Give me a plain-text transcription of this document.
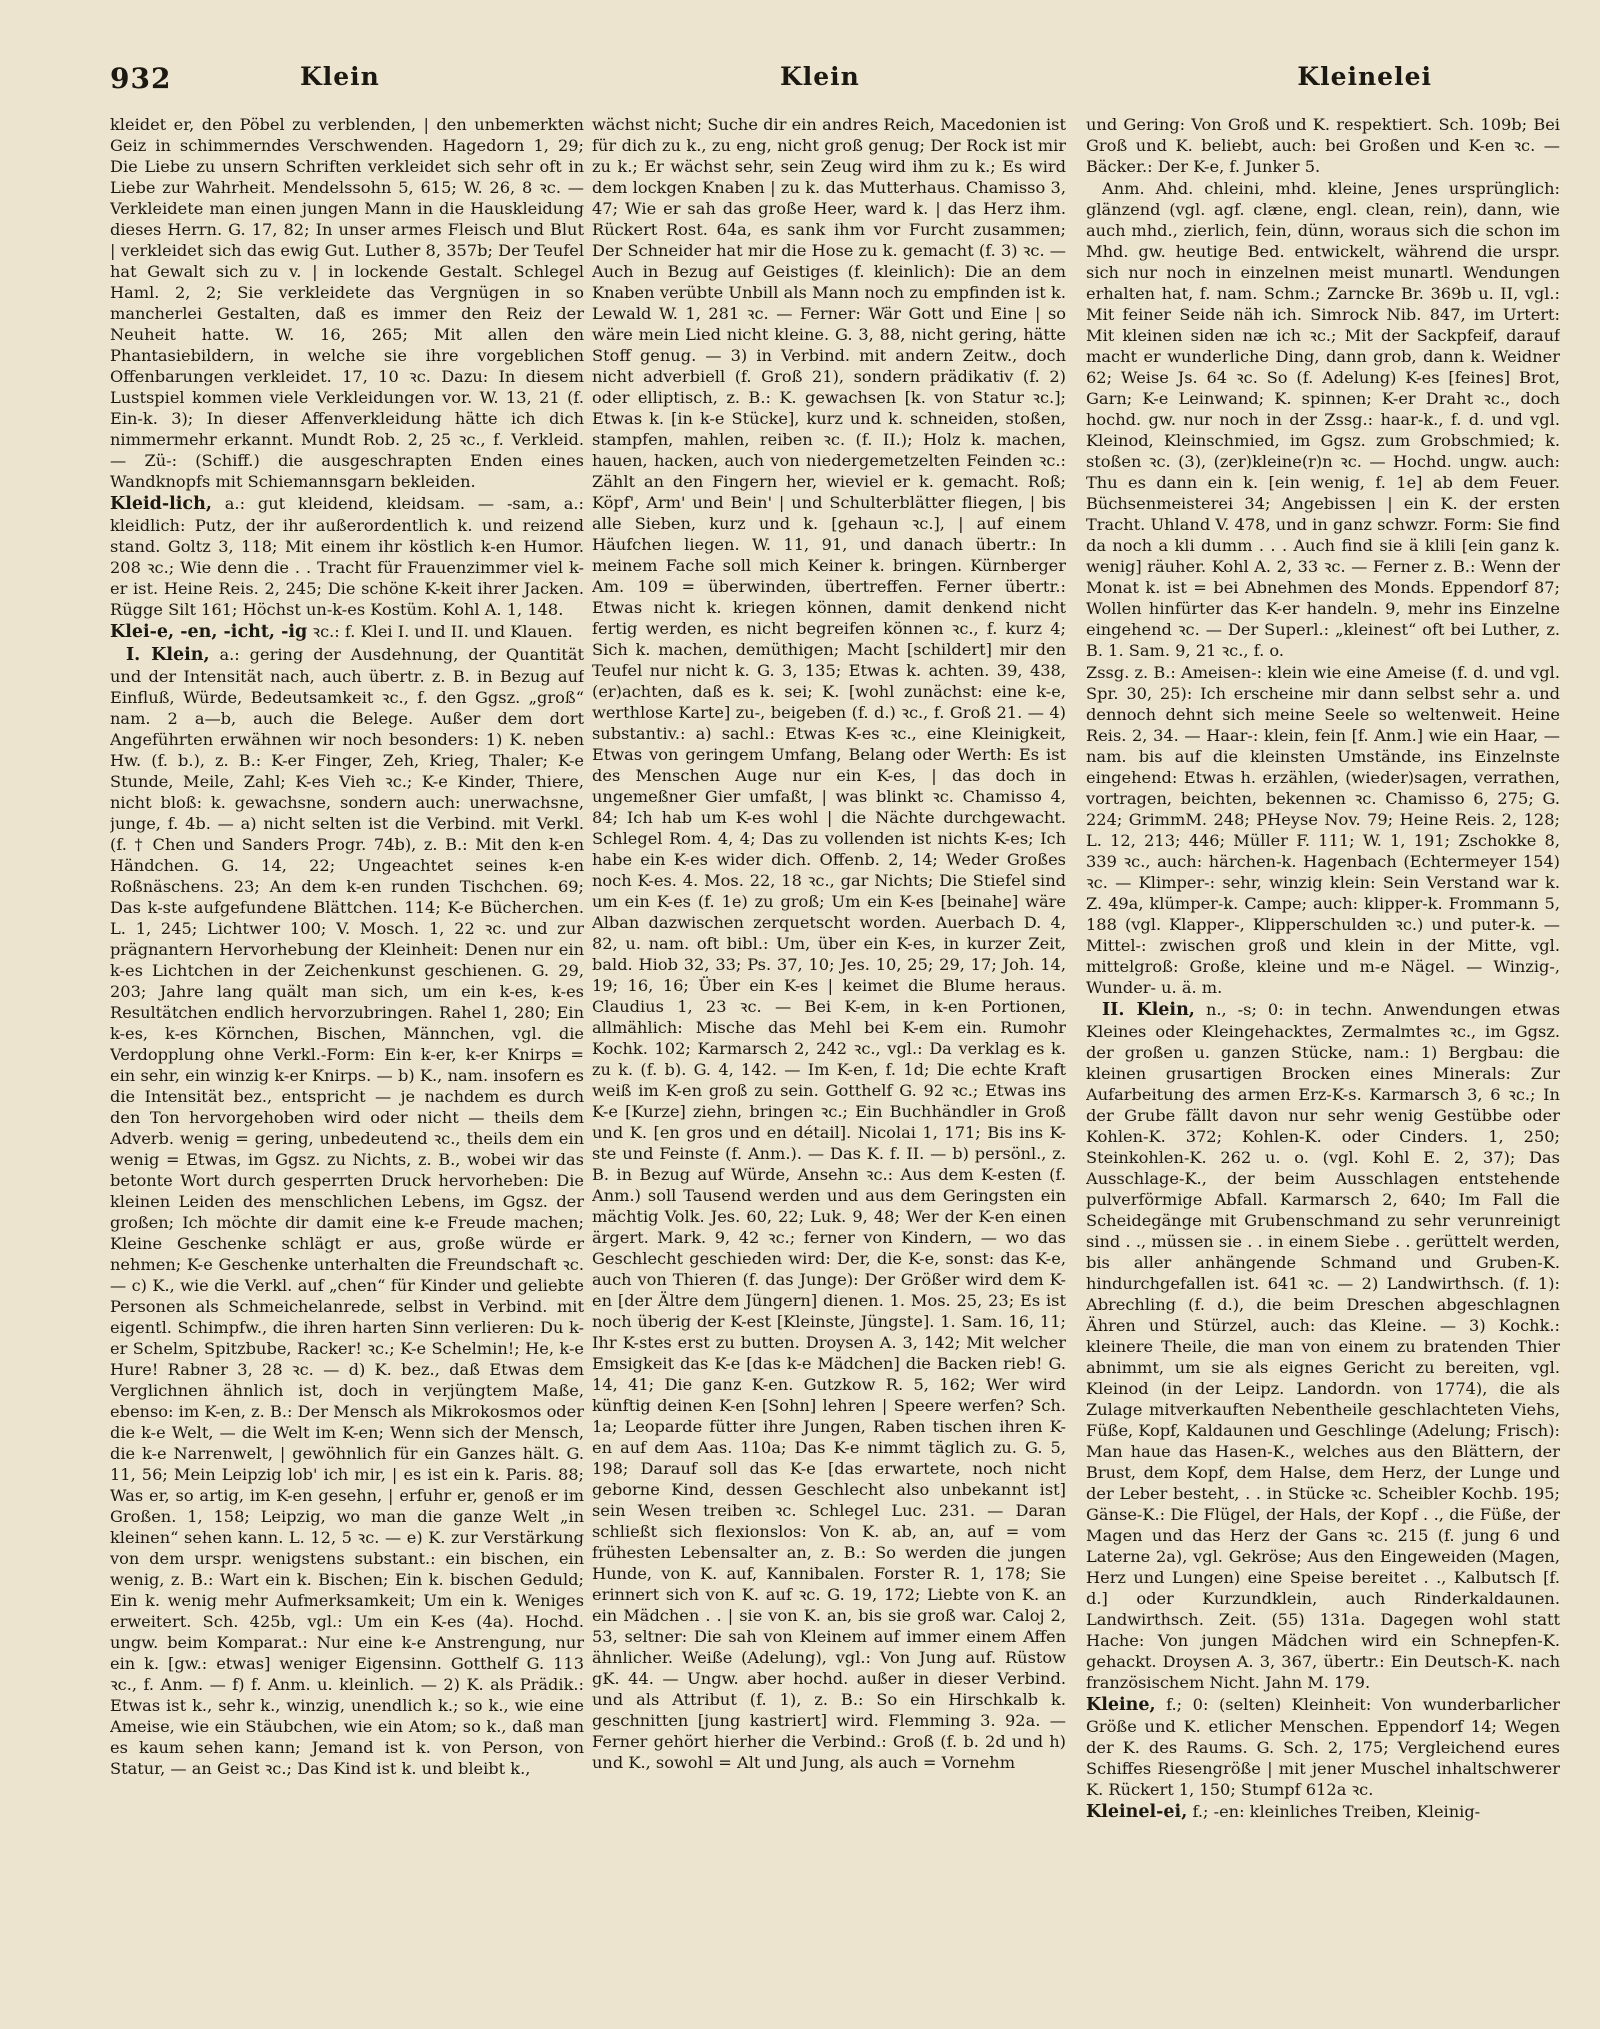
932	Klein	Klein	Kleinelei

kleidet er, den Pöbel zu verblenden, | den unbemerkten Geiz in schimmerndes Verschwenden. Hagedorn 1, 29; Die Liebe zu unsern Schriften verkleidet sich sehr oft in Liebe zur Wahrheit. Mendelssohn 5, 615; W. 26, 8 ꝛc. — Verkleidete man einen jungen Mann in die Hauskleidung dieses Herrn. G. 17, 82; In unser armes Fleisch und Blut | verkleidet sich das ewig Gut. Luther 8, 357b; Der Teufel hat Gewalt sich zu v. | in lockende Gestalt. Schlegel Haml. 2, 2; Sie verkleidete das Vergnügen in so mancherlei Gestalten, daß es immer den Reiz der Neuheit hatte. W. 16, 265; Mit allen den Phantasiebildern, in welche sie ihre vorgeblichen Offenbarungen verkleidet. 17, 10 ꝛc. Dazu: In diesem Lustspiel kommen viele Verkleidungen vor. W. 13, 21 (f. Ein-k. 3); In dieser Affenverkleidung hätte ich dich nimmermehr erkannt. Mundt Rob. 2, 25 ꝛc., f. Verkleid. — Zü-: (Schiff.) die ausgeschrapten Enden eines Wandknopfs mit Schiemannsgarn bekleiden.

Kleid-lich, a.: gut kleidend, kleidsam. — -sam, a.: kleidlich: Putz, der ihr außerordentlich k. und reizend stand. Goltz 3, 118; Mit einem ihr köstlich k-en Humor. 208 ꝛc.; Wie denn die . . Tracht für Frauenzimmer viel k-er ist. Heine Reis. 2, 245; Die schöne K-keit ihrer Jacken. Rügge Silt 161; Höchst un-k-es Kostüm. Kohl A. 1, 148.

Klei-e, -en, -icht, -ig ꝛc.: f. Klei I. und II. und Klauen.

I. Klein, a.: gering der Ausdehnung, der Quantität und der Intensität nach, auch übertr. z. B. in Bezug auf Einfluß, Würde, Bedeutsamkeit ꝛc., f. den Ggsz. „groß“ nam. 2 a—b, auch die Belege. Außer dem dort Angeführten erwähnen wir noch besonders: 1) K. neben Hw. (f. b.), z. B.: K-er Finger, Zeh, Krieg, Thaler; K-e Stunde, Meile, Zahl; K-es Vieh ꝛc.; K-e Kinder, Thiere, nicht bloß: k. gewachsne, sondern auch: unerwachsne, junge, f. 4b. — a) nicht selten ist die Verbind. mit Verkl. (f. † Chen und Sanders Progr. 74b), z. B.: Mit den k-en Händchen. G. 14, 22; Ungeachtet seines k-en Roßnäschens. 23; An dem k-en runden Tischchen. 69; Das k-ste aufgefundene Blättchen. 114; K-e Bücherchen. L. 1, 245; Lichtwer 100; V. Mosch. 1, 22 ꝛc. und zur prägnantern Hervorhebung der Kleinheit: Denen nur ein k-es Lichtchen in der Zeichenkunst geschienen. G. 29, 203; Jahre lang quält man sich, um ein k-es, k-es Resultätchen endlich hervorzubringen. Rahel 1, 280; Ein k-es, k-es Körnchen, Bischen, Männchen, vgl. die Verdopplung ohne Verkl.-Form: Ein k-er, k-er Knirps = ein sehr, ein winzig k-er Knirps. — b) K., nam. insofern es die Intensität bez., entspricht — je nachdem es durch den Ton hervorgehoben wird oder nicht — theils dem Adverb. wenig = gering, unbedeutend ꝛc., theils dem ein wenig = Etwas, im Ggsz. zu Nichts, z. B., wobei wir das betonte Wort durch gesperrten Druck hervorheben: Die kleinen Leiden des menschlichen Lebens, im Ggsz. der großen; Ich möchte dir damit eine k-e Freude machen; Kleine Geschenke schlägt er aus, große würde er nehmen; K-e Geschenke unterhalten die Freundschaft ꝛc. — c) K., wie die Verkl. auf „chen“ für Kinder und geliebte Personen als Schmeichelanrede, selbst in Verbind. mit eigentl. Schimpfw., die ihren harten Sinn verlieren: Du k-er Schelm, Spitzbube, Racker! ꝛc.; K-e Schelmin!; He, k-e Hure! Rabner 3, 28 ꝛc. — d) K. bez., daß Etwas dem Verglichnen ähnlich ist, doch in verjüngtem Maße, ebenso: im K-en, z. B.: Der Mensch als Mikrokosmos oder die k-e Welt, — die Welt im K-en; Wenn sich der Mensch, die k-e Narrenwelt, | gewöhnlich für ein Ganzes hält. G. 11, 56; Mein Leipzig lob' ich mir, | es ist ein k. Paris. 88; Was er, so artig, im K-en gesehn, | erfuhr er, genoß er im Großen. 1, 158; Leipzig, wo man die ganze Welt „in kleinen“ sehen kann. L. 12, 5 ꝛc. — e) K. zur Verstärkung von dem urspr. wenigstens substant.: ein bischen, ein wenig, z. B.: Wart ein k. Bischen; Ein k. bischen Geduld; Ein k. wenig mehr Aufmerksamkeit; Um ein k. Weniges erweitert. Sch. 425b, vgl.: Um ein K-es (4a). Hochd. ungw. beim Komparat.: Nur eine k-e Anstrengung, nur ein k. [gw.: etwas] weniger Eigensinn. Gotthelf G. 113 ꝛc., f. Anm. — f) f. Anm. u. kleinlich. — 2) K. als Prädik.: Etwas ist k., sehr k., winzig, unendlich k.; so k., wie eine Ameise, wie ein Stäubchen, wie ein Atom; so k., daß man es kaum sehen kann; Jemand ist k. von Person, von Statur, — an Geist ꝛc.; Das Kind ist k. und bleibt k.,

wächst nicht; Suche dir ein andres Reich, Macedonien ist für dich zu k., zu eng, nicht groß genug; Der Rock ist mir zu k.; Er wächst sehr, sein Zeug wird ihm zu k.; Es wird dem lockgen Knaben | zu k. das Mutterhaus. Chamisso 3, 47; Wie er sah das große Heer, ward k. | das Herz ihm. Rückert Rost. 64a, es sank ihm vor Furcht zusammen; Der Schneider hat mir die Hose zu k. gemacht (f. 3) ꝛc. — Auch in Bezug auf Geistiges (f. kleinlich): Die an dem Knaben verübte Unbill als Mann noch zu empfinden ist k. Lewald W. 1, 281 ꝛc. — Ferner: Wär Gott und Eine | so wäre mein Lied nicht kleine. G. 3, 88, nicht gering, hätte Stoff genug. — 3) in Verbind. mit andern Zeitw., doch nicht adverbiell (f. Groß 21), sondern prädikativ (f. 2) oder elliptisch, z. B.: K. gewachsen [k. von Statur ꝛc.]; Etwas k. [in k-e Stücke], kurz und k. schneiden, stoßen, stampfen, mahlen, reiben ꝛc. (f. II.); Holz k. machen, hauen, hacken, auch von niedergemetzelten Feinden ꝛc.: Zählt an den Fingern her, wieviel er k. gemacht. Roß; Köpf', Arm' und Bein' | und Schulterblätter fliegen, | bis alle Sieben, kurz und k. [gehaun ꝛc.], | auf einem Häufchen liegen. W. 11, 91, und danach übertr.: In meinem Fache soll mich Keiner k. bringen. Kürnberger Am. 109 = überwinden, übertreffen. Ferner übertr.: Etwas nicht k. kriegen können, damit denkend nicht fertig werden, es nicht begreifen können ꝛc., f. kurz 4; Sich k. machen, demüthigen; Macht [schildert] mir den Teufel nur nicht k. G. 3, 135; Etwas k. achten. 39, 438, (er)achten, daß es k. sei; K. [wohl zunächst: eine k-e, werthlose Karte] zu-, beigeben (f. d.) ꝛc., f. Groß 21. — 4) substantiv.: a) sachl.: Etwas K-es ꝛc., eine Kleinigkeit, Etwas von geringem Umfang, Belang oder Werth: Es ist des Menschen Auge nur ein K-es, | das doch in ungemeßner Gier umfaßt, | was blinkt ꝛc. Chamisso 4, 84; Ich hab um K-es wohl | die Nächte durchgewacht. Schlegel Rom. 4, 4; Das zu vollenden ist nichts K-es; Ich habe ein K-es wider dich. Offenb. 2, 14; Weder Großes noch K-es. 4. Mos. 22, 18 ꝛc., gar Nichts; Die Stiefel sind um ein K-es (f. 1e) zu groß; Um ein K-es [beinahe] wäre Alban dazwischen zerquetscht worden. Auerbach D. 4, 82, u. nam. oft bibl.: Um, über ein K-es, in kurzer Zeit, bald. Hiob 32, 33; Ps. 37, 10; Jes. 10, 25; 29, 17; Joh. 14, 19; 16, 16; Über ein K-es | keimet die Blume heraus. Claudius 1, 23 ꝛc. — Bei K-em, in k-en Portionen, allmählich: Mische das Mehl bei K-em ein. Rumohr Kochk. 102; Karmarsch 2, 242 ꝛc., vgl.: Da verklag es k. zu k. (f. b). G. 4, 142. — Im K-en, f. 1d; Die echte Kraft weiß im K-en groß zu sein. Gotthelf G. 92 ꝛc.; Etwas ins K-e [Kurze] ziehn, bringen ꝛc.; Ein Buchhändler in Groß und K. [en gros und en détail]. Nicolai 1, 171; Bis ins K-ste und Feinste (f. Anm.). — Das K. f. II. — b) persönl., z. B. in Bezug auf Würde, Ansehn ꝛc.: Aus dem K-esten (f. Anm.) soll Tausend werden und aus dem Geringsten ein mächtig Volk. Jes. 60, 22; Luk. 9, 48; Wer der K-en einen ärgert. Mark. 9, 42 ꝛc.; ferner von Kindern, — wo das Geschlecht geschieden wird: Der, die K-e, sonst: das K-e, auch von Thieren (f. das Junge): Der Größer wird dem K-en [der Ältre dem Jüngern] dienen. 1. Mos. 25, 23; Es ist noch überig der K-est [Kleinste, Jüngste]. 1. Sam. 16, 11; Ihr K-stes erst zu butten. Droysen A. 3, 142; Mit welcher Emsigkeit das K-e [das k-e Mädchen] die Backen rieb! G. 14, 41; Die ganz K-en. Gutzkow R. 5, 162; Wer wird künftig deinen K-en [Sohn] lehren | Speere werfen? Sch. 1a; Leoparde fütter ihre Jungen, Raben tischen ihren K-en auf dem Aas. 110a; Das K-e nimmt täglich zu. G. 5, 198; Darauf soll das K-e [das erwartete, noch nicht geborne Kind, dessen Geschlecht also unbekannt ist] sein Wesen treiben ꝛc. Schlegel Luc. 231. — Daran schließt sich flexionslos: Von K. ab, an, auf = vom frühesten Lebensalter an, z. B.: So werden die jungen Hunde, von K. auf, Kannibalen. Forster R. 1, 178; Sie erinnert sich von K. auf ꝛc. G. 19, 172; Liebte von K. an ein Mädchen . . | sie von K. an, bis sie groß war. Caloj 2, 53, seltner: Die sah von Kleinem auf immer einem Affen ähnlicher. Weiße (Adelung), vgl.: Von Jung auf. Rüstow gK. 44. — Ungw. aber hochd. außer in dieser Verbind. und als Attribut (f. 1), z. B.: So ein Hirschkalb k. geschnitten [jung kastriert] wird. Flemming 3. 92a. — Ferner gehört hierher die Verbind.: Groß (f. b. 2d und h) und K., sowohl = Alt und Jung, als auch = Vornehm

und Gering: Von Groß und K. respektiert. Sch. 109b; Bei Groß und K. beliebt, auch: bei Großen und K-en ꝛc. — Bäcker.: Der K-e, f. Junker 5.

Anm. Ahd. chleini, mhd. kleine, Jenes ursprünglich: glänzend (vgl. agf. clæne, engl. clean, rein), dann, wie auch mhd., zierlich, fein, dünn, woraus sich die schon im Mhd. gw. heutige Bed. entwickelt, während die urspr. sich nur noch in einzelnen meist munartl. Wendungen erhalten hat, f. nam. Schm.; Zarncke Br. 369b u. II, vgl.: Mit feiner Seide näh ich. Simrock Nib. 847, im Urtert: Mit kleinen siden næ ich ꝛc.; Mit der Sackpfeif, darauf macht er wunderliche Ding, dann grob, dann k. Weidner 62; Weise Js. 64 ꝛc. So (f. Adelung) K-es [feines] Brot, Garn; K-e Leinwand; K. spinnen; K-er Draht ꝛc., doch hochd. gw. nur noch in der Zssg.: haar-k., f. d. und vgl. Kleinod, Kleinschmied, im Ggsz. zum Grobschmied; k. stoßen ꝛc. (3), (zer)kleine(r)n ꝛc. — Hochd. ungw. auch: Thu es dann ein k. [ein wenig, f. 1e] ab dem Feuer. Büchsenmeisterei 34; Angebissen | ein K. der ersten Tracht. Uhland V. 478, und in ganz schwzr. Form: Sie find da noch a kli dumm . . . Auch find sie ä klili [ein ganz k. wenig] räuher. Kohl A. 2, 33 ꝛc. — Ferner z. B.: Wenn der Monat k. ist = bei Abnehmen des Monds. Eppendorf 87; Wollen hinfürter das K-er handeln. 9, mehr ins Einzelne eingehend ꝛc. — Der Superl.: „kleinest“ oft bei Luther, z. B. 1. Sam. 9, 21 ꝛc., f. o.

Zssg. z. B.: Ameisen-: klein wie eine Ameise (f. d. und vgl. Spr. 30, 25): Ich erscheine mir dann selbst sehr a. und dennoch dehnt sich meine Seele so weltenweit. Heine Reis. 2, 34. — Haar-: klein, fein [f. Anm.] wie ein Haar, — nam. bis auf die kleinsten Umstände, ins Einzelnste eingehend: Etwas h. erzählen, (wieder)sagen, verrathen, vortragen, beichten, bekennen ꝛc. Chamisso 6, 275; G. 224; GrimmM. 248; PHeyse Nov. 79; Heine Reis. 2, 128; L. 12, 213; 446; Müller F. 111; W. 1, 191; Zschokke 8, 339 ꝛc., auch: härchen-k. Hagenbach (Echtermeyer 154) ꝛc. — Klimper-: sehr, winzig klein: Sein Verstand war k. Z. 49a, klümper-k. Campe; auch: klipper-k. Frommann 5, 188 (vgl. Klapper-, Klipperschulden ꝛc.) und puter-k. — Mittel-: zwischen groß und klein in der Mitte, vgl. mittelgroß: Große, kleine und m-e Nägel. — Winzig-, Wunder- u. ä. m.

II. Klein, n., -s; 0: in techn. Anwendungen etwas Kleines oder Kleingehacktes, Zermalmtes ꝛc., im Ggsz. der großen u. ganzen Stücke, nam.: 1) Bergbau: die kleinen grusartigen Brocken eines Minerals: Zur Aufarbeitung des armen Erz-K-s. Karmarsch 3, 6 ꝛc.; In der Grube fällt davon nur sehr wenig Gestübbe oder Kohlen-K. 372; Kohlen-K. oder Cinders. 1, 250; Steinkohlen-K. 262 u. o. (vgl. Kohl E. 2, 37); Das Ausschlage-K., der beim Ausschlagen entstehende pulverförmige Abfall. Karmarsch 2, 640; Im Fall die Scheidegänge mit Grubenschmand zu sehr verunreinigt sind . ., müssen sie . . in einem Siebe . . gerüttelt werden, bis aller anhängende Schmand und Gruben-K. hindurchgefallen ist. 641 ꝛc. — 2) Landwirthsch. (f. 1): Abrechling (f. d.), die beim Dreschen abgeschlagnen Ähren und Stürzel, auch: das Kleine. — 3) Kochk.: kleinere Theile, die man von einem zu bratenden Thier abnimmt, um sie als eignes Gericht zu bereiten, vgl. Kleinod (in der Leipz. Landordn. von 1774), die als Zulage mitverkauften Nebentheile geschlachteten Viehs, Füße, Kopf, Kaldaunen und Geschlinge (Adelung; Frisch): Man haue das Hasen-K., welches aus den Blättern, der Brust, dem Kopf, dem Halse, dem Herz, der Lunge und der Leber besteht, . . in Stücke ꝛc. Scheibler Kochb. 195; Gänse-K.: Die Flügel, der Hals, der Kopf . ., die Füße, der Magen und das Herz der Gans ꝛc. 215 (f. jung 6 und Laterne 2a), vgl. Gekröse; Aus den Eingeweiden (Magen, Herz und Lungen) eine Speise bereitet . ., Kalbutsch [f. d.] oder Kurzundklein, auch Rinderkaldaunen. Landwirthsch. Zeit. (55) 131a. Dagegen wohl statt Hache: Von jungen Mädchen wird ein Schnepfen-K. gehackt. Droysen A. 3, 367, übertr.: Ein Deutsch-K. nach französischem Nicht. Jahn M. 179.

Kleine, f.; 0: (selten) Kleinheit: Von wunderbarlicher Größe und K. etlicher Menschen. Eppendorf 14; Wegen der K. des Raums. G. Sch. 2, 175; Vergleichend eures Schiffes Riesengröße | mit jener Muschel inhaltschwerer K. Rückert 1, 150; Stumpf 612a ꝛc.

Kleinel-ei, f.; -en: kleinliches Treiben, Kleinig-
